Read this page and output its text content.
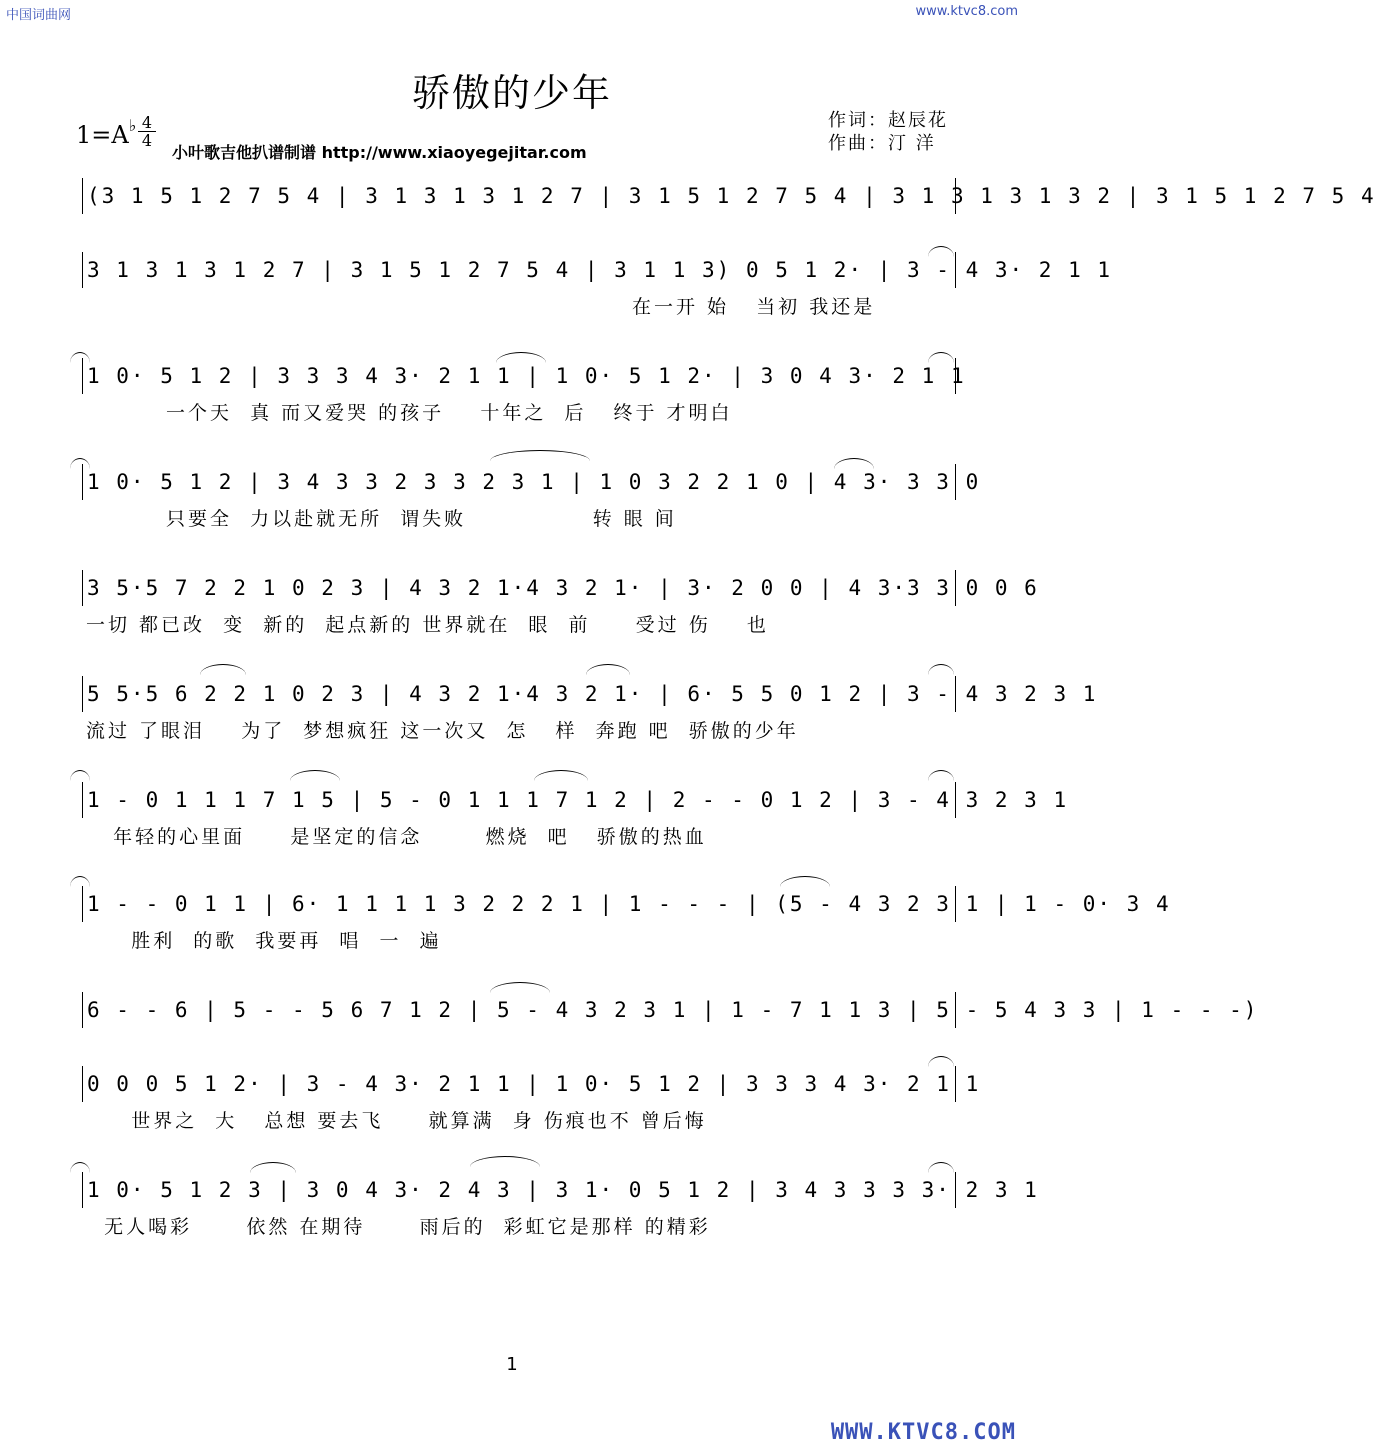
中国词曲网	www.ktvc8.com
骄傲的少年
1=A♭ 4
4
小叶歌吉他扒谱制谱 http://www.xiaoyegejitar.com
作词：赵辰花
作曲：汀 洋
(3 1 5 1 2 7 5 4 | 3 1 3 1 3 1 2 7 | 3 1 5 1 2 7 5 4 | 3 1 3 1 3 1 3 2 | 3 1 5 1 2 7 5 4
3 1 3 1 3 1 2 7 | 3 1 5 1 2 7 5 4 | 3 1 1 3) 0 5 1 2· | 3 - 4 3· 2 1 1
在一开 始   当初 我还是
1 0· 5 1 2 | 3 3 3 4 3· 2 1 1 | 1 0· 5 1 2· | 3 0 4 3· 2 1 1
一个天  真 而又爱哭 的孩子    十年之  后   终于 才明白
1 0· 5 1 2 | 3 4 3 3 2 3 3 2 3 1 | 1 0 3 2 2 1 0 | 4 3· 3 3 0
只要全  力以赴就无所  谓失败              转 眼 间
3 5·5 7 2 2 1 0 2 3 | 4 3 2 1·4 3 2 1· | 3· 2 0 0 | 4 3·3 3 0 0 6
一切 都已改  变  新的  起点新的 世界就在  眼  前     受过 伤    也
5 5·5 6 2 2 1 0 2 3 | 4 3 2 1·4 3 2 1· | 6· 5 5 0 1 2 | 3 - 4 3 2 3 1
流过 了眼泪    为了  梦想疯狂 这一次又  怎   样  奔跑 吧  骄傲的少年
1 - 0 1 1 1 7 1 5 | 5 - 0 1 1 1 7 1 2 | 2 - - 0 1 2 | 3 - 4 3 2 3 1
年轻的心里面     是坚定的信念       燃烧  吧   骄傲的热血
1 - - 0 1 1 | 6· 1 1 1 1 3 2 2 2 1 | 1 - - - | (5 - 4 3 2 3 1 | 1 - 0· 3 4
胜利  的歌  我要再  唱  一  遍
6 - - 6 | 5 - - 5 6 7 1 2 | 5 - 4 3 2 3 1 | 1 - 7 1 1 3 | 5 - 5 4 3 3 | 1 - - -)
0 0 0 5 1 2· | 3 - 4 3· 2 1 1 | 1 0· 5 1 2 | 3 3 3 4 3· 2 1 1
世界之  大   总想 要去飞     就算满  身 伤痕也不 曾后悔
1 0· 5 1 2 3 | 3 0 4 3· 2 4 3 | 3 1· 0 5 1 2 | 3 4 3 3 3 3· 2 3 1
无人喝彩      依然 在期待      雨后的  彩虹它是那样 的精彩
1
WWW.KTVC8.COM
